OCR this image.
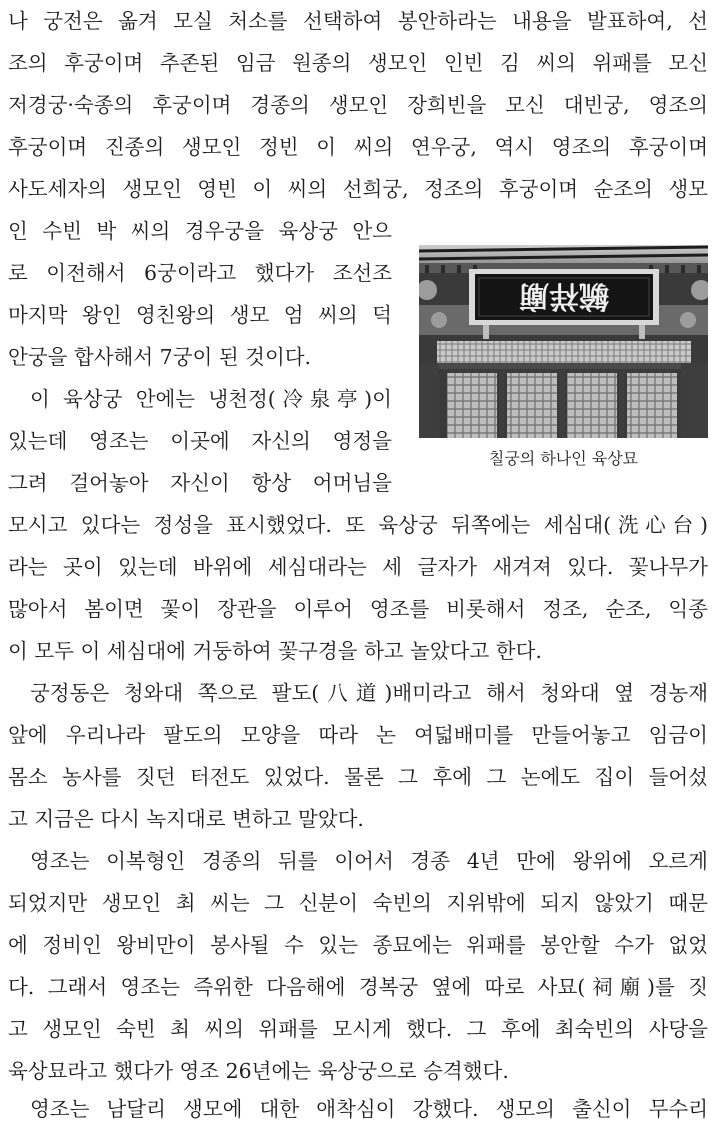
나 궁전은 옮겨 모실 처소를 선택하여 봉안하라는 내용을 발표하여, 선
조의 후궁이며 추존된 임금 원종의 생모인 인빈 김 씨의 위패를 모신
저경궁·숙종의 후궁이며 경종의 생모인 장희빈을 모신 대빈궁, 영조의
후궁이며 진종의 생모인 정빈 이 씨의 연우궁, 역시 영조의 후궁이며
사도세자의 생모인 영빈 이 씨의 선희궁, 정조의 후궁이며 순조의 생모
인 수빈 박 씨의 경우궁을 육상궁 안으
로 이전해서 6궁이라고 했다가 조선조
마지막 왕인 영친왕의 생모 엄 씨의 덕
안궁을 합사해서 7궁이 된 것이다.
이 육상궁 안에는 냉천정(冷泉亭)이
있는데 영조는 이곳에 자신의 영정을
그려 걸어놓아 자신이 항상 어머님을
모시고 있다는 정성을 표시했었다. 또 육상궁 뒤쪽에는 세심대(洗心台)
라는 곳이 있는데 바위에 세심대라는 세 글자가 새겨져 있다. 꽃나무가
많아서 봄이면 꽃이 장관을 이루어 영조를 비롯해서 정조, 순조, 익종
이 모두 이 세심대에 거둥하여 꽃구경을 하고 놀았다고 한다.
궁정동은 청와대 쪽으로 팔도(八道)배미라고 해서 청와대 옆 경농재
앞에 우리나라 팔도의 모양을 따라 논 여덟배미를 만들어놓고 임금이
몸소 농사를 짓던 터전도 있었다. 물론 그 후에 그 논에도 집이 들어섰
고 지금은 다시 녹지대로 변하고 말았다.
영조는 이복형인 경종의 뒤를 이어서 경종 4년 만에 왕위에 오르게
되었지만 생모인 최 씨는 그 신분이 숙빈의 지위밖에 되지 않았기 때문
에 정비인 왕비만이 봉사될 수 있는 종묘에는 위패를 봉안할 수가 없었
다. 그래서 영조는 즉위한 다음해에 경복궁 옆에 따로 사묘(祠廟)를 짓
고 생모인 숙빈 최 씨의 위패를 모시게 했다. 그 후에 최숙빈의 사당을
육상묘라고 했다가 영조 26년에는 육상궁으로 승격했다.
영조는 남달리 생모에 대한 애착심이 강했다. 생모의 출신이 무수리
毓祥廟
칠궁의 하나인 육상묘
